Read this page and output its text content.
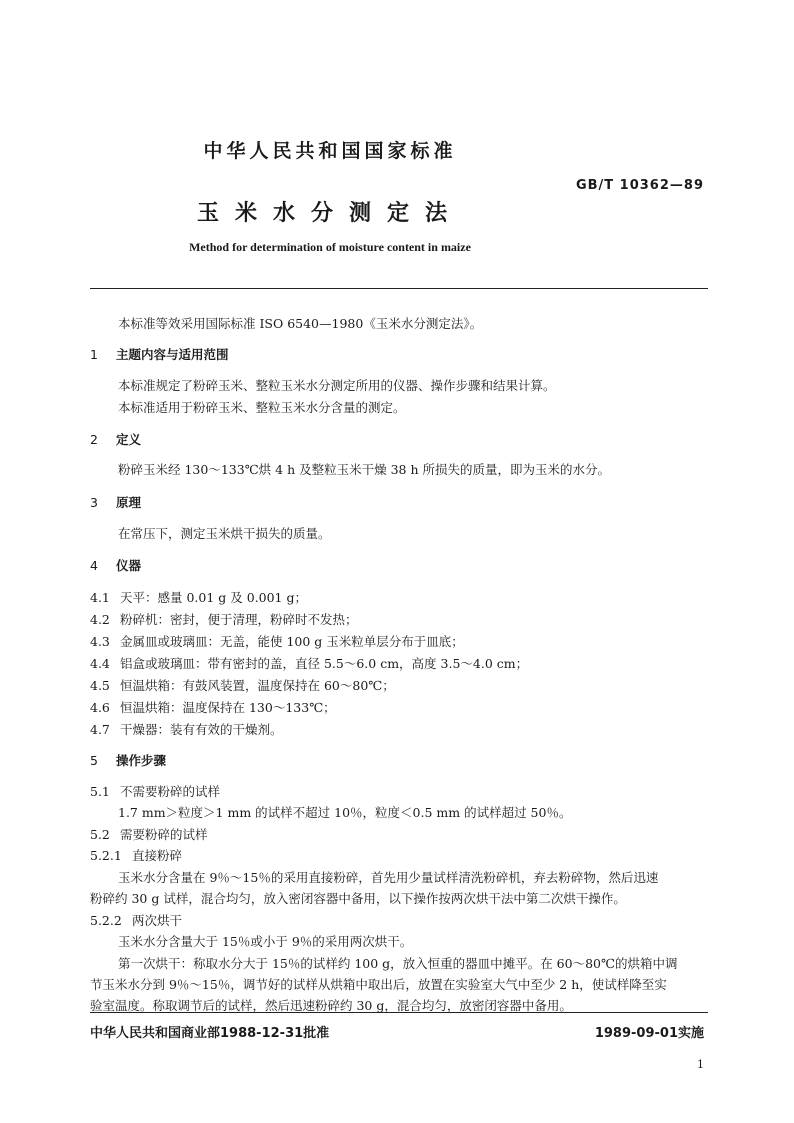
中华人民共和国国家标准
GB/T 10362—89
玉米水分测定法
Method for determination of moisture content in maize
本标准等效采用国际标准 ISO 6540—1980《玉米水分测定法》。
1 主题内容与适用范围
本标准规定了粉碎玉米、整粒玉米水分测定所用的仪器、操作步骤和结果计算。
本标准适用于粉碎玉米、整粒玉米水分含量的测定。
2 定义
粉碎玉米经 130～133℃烘 4 h 及整粒玉米干燥 38 h 所损失的质量，即为玉米的水分。
3 原理
在常压下，测定玉米烘干损失的质量。
4 仪器
4.1 天平：感量 0.01 g 及 0.001 g；
4.2 粉碎机：密封，便于清理，粉碎时不发热；
4.3 金属皿或玻璃皿：无盖，能使 100 g 玉米粒单层分布于皿底；
4.4 铝盒或玻璃皿：带有密封的盖，直径 5.5～6.0 cm，高度 3.5～4.0 cm；
4.5 恒温烘箱：有鼓风装置，温度保持在 60～80℃；
4.6 恒温烘箱：温度保持在 130～133℃；
4.7 干燥器：装有有效的干燥剂。
5 操作步骤
5.1 不需要粉碎的试样
1.7 mm＞粒度＞1 mm 的试样不超过 10％，粒度＜0.5 mm 的试样超过 50％。
5.2 需要粉碎的试样
5.2.1 直接粉碎
玉米水分含量在 9％～15％的采用直接粉碎，首先用少量试样清洗粉碎机，弃去粉碎物，然后迅速
粉碎约 30 g 试样，混合均匀，放入密闭容器中备用，以下操作按两次烘干法中第二次烘干操作。
5.2.2 两次烘干
玉米水分含量大于 15％或小于 9％的采用两次烘干。
第一次烘干：称取水分大于 15％的试样约 100 g，放入恒重的器皿中摊平。在 60～80℃的烘箱中调
节玉米水分到 9％～15％，调节好的试样从烘箱中取出后，放置在实验室大气中至少 2 h，使试样降至实
验室温度。称取调节后的试样，然后迅速粉碎约 30 g，混合均匀，放密闭容器中备用。
中华人民共和国商业部1988-12-31批准	1989-09-01实施
1
